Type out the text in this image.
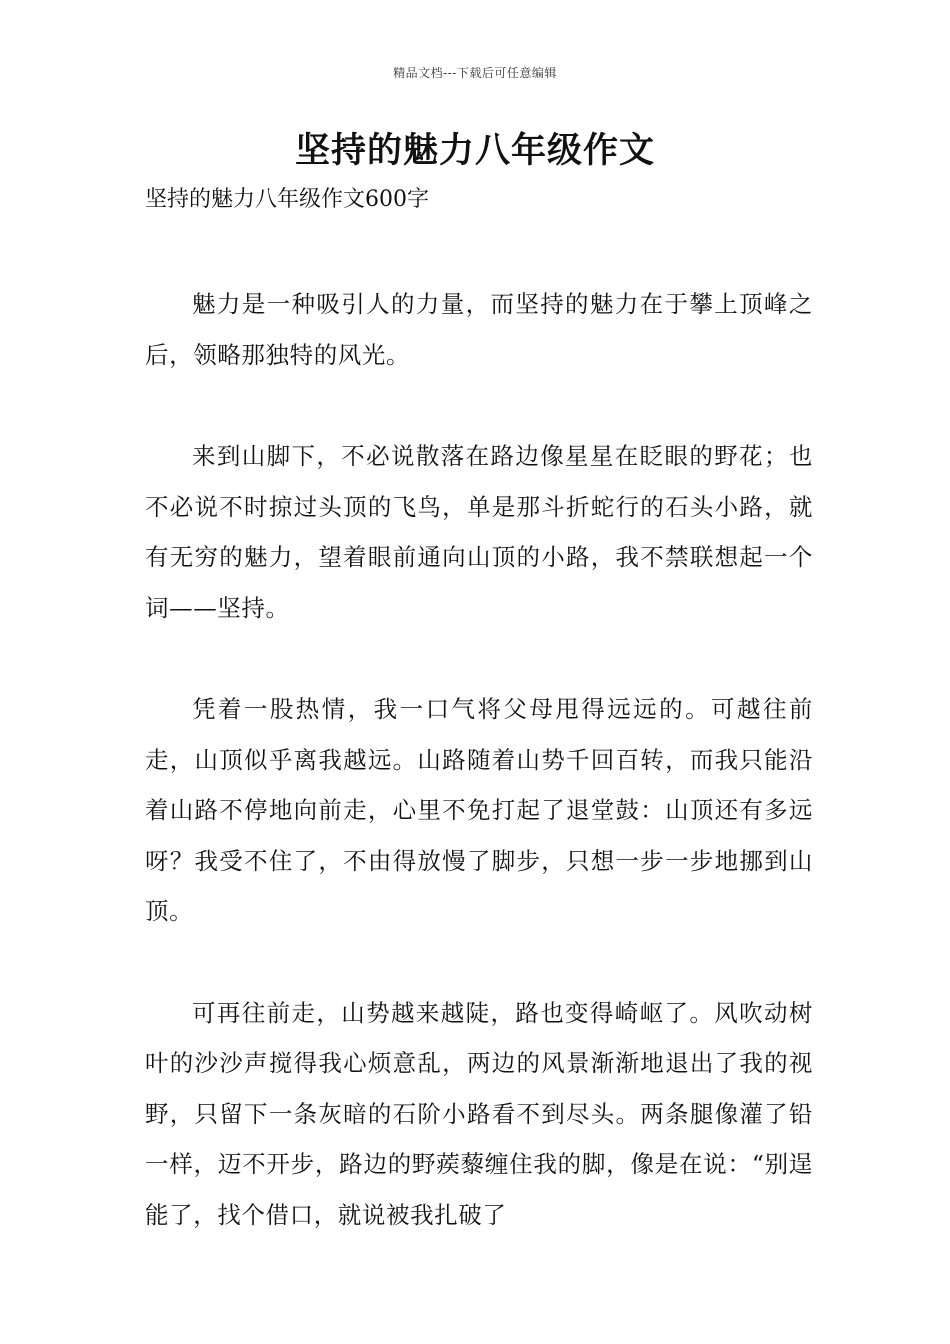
精品文档---下载后可任意编辑
坚持的魅力八年级作文

坚持的魅力八年级作文600字

魅力是一种吸引人的力量，而坚持的魅力在于攀上顶峰之后，领略那独特的风光。

来到山脚下，不必说散落在路边像星星在眨眼的野花；也不必说不时掠过头顶的飞鸟，单是那斗折蛇行的石头小路，就有无穷的魅力，望着眼前通向山顶的小路，我不禁联想起一个词——坚持。

凭着一股热情，我一口气将父母甩得远远的。可越往前走，山顶似乎离我越远。山路随着山势千回百转，而我只能沿着山路不停地向前走，心里不免打起了退堂鼓：山顶还有多远呀？我受不住了，不由得放慢了脚步，只想一步一步地挪到山顶。

可再往前走，山势越来越陡，路也变得崎岖了。风吹动树叶的沙沙声搅得我心烦意乱，两边的风景渐渐地退出了我的视野，只留下一条灰暗的石阶小路看不到尽头。两条腿像灌了铅一样，迈不开步，路边的野蒺藜缠住我的脚，像是在说：“别逞能了，找个借口，就说被我扎破了
